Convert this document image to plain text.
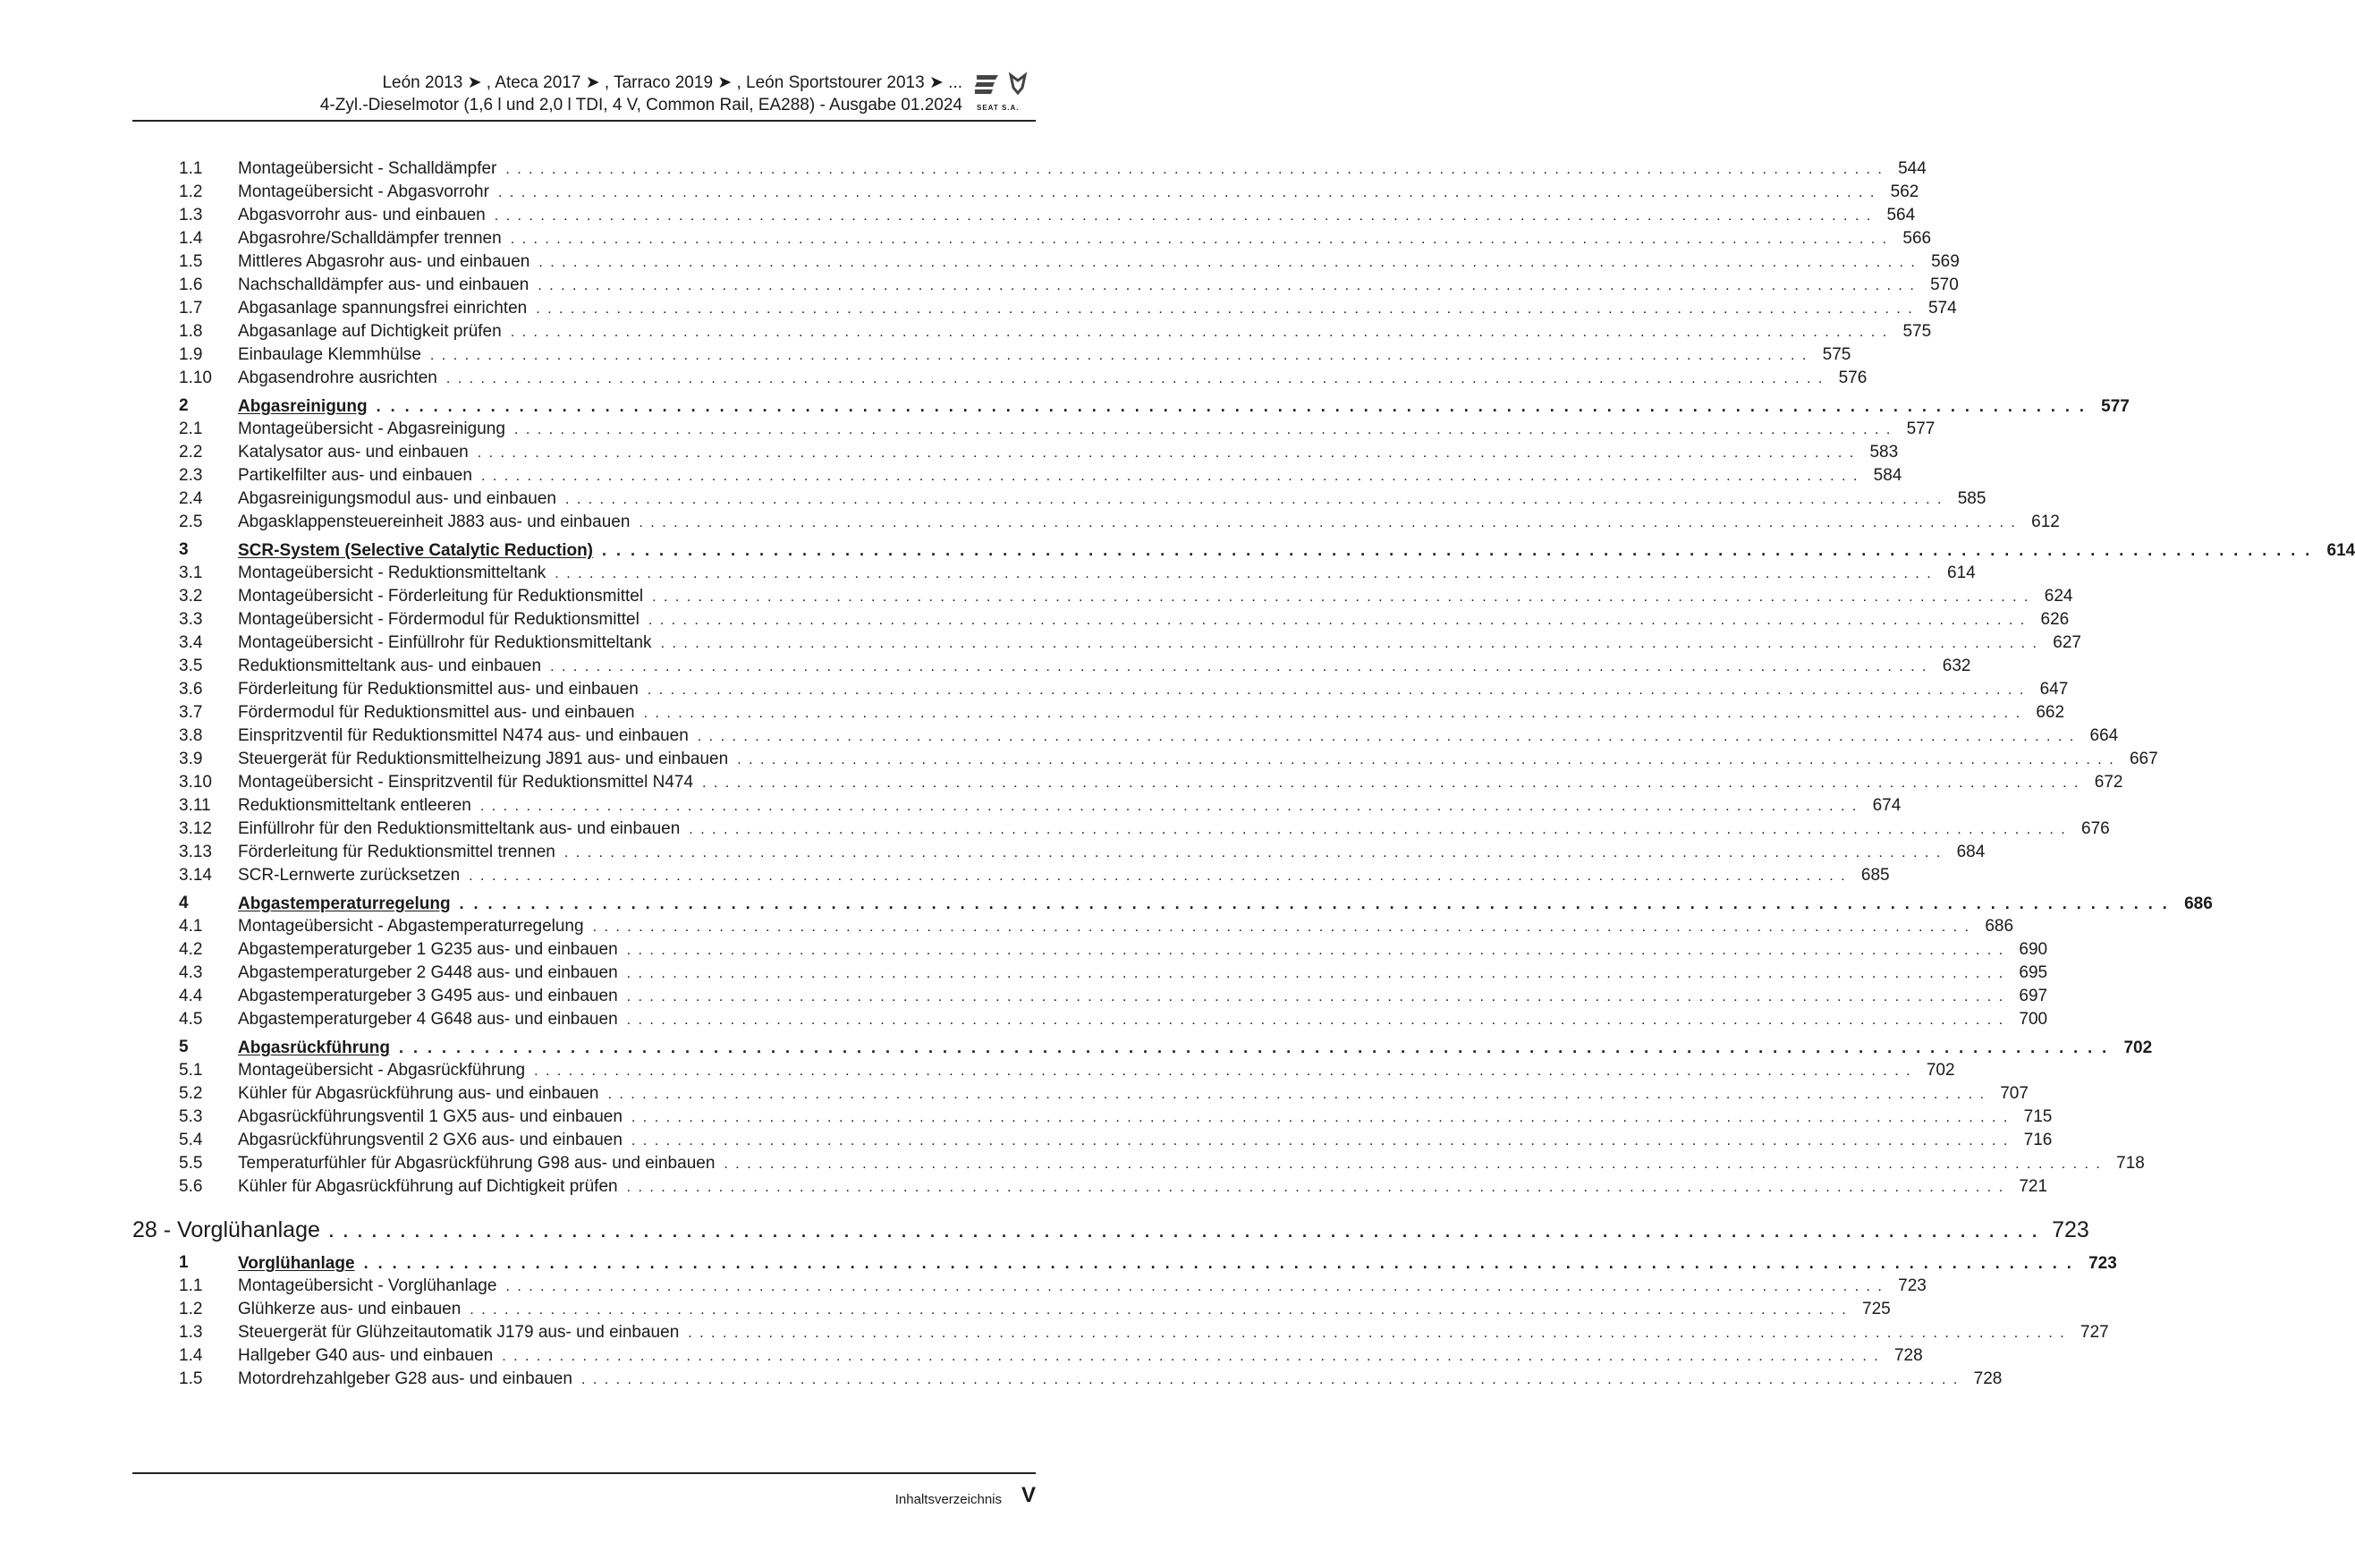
León 2013 ➤ , Ateca 2017 ➤ , Tarraco 2019 ➤ , León Sportstourer 2013 ➤ ...
4-Zyl.-Dieselmotor (1,6 l und 2,0 l TDI, 4 V, Common Rail, EA288) - Ausgabe 01.2024 SEAT S.A.
1.1 Montageübersicht - Schalldämpfer . . . . . . . . . . . . . . . . . . . . . . . . . . . . . . . . . . . . . . . . . . . . . . . . . . . . . . . . . . . . . . . . . . . . . . . . . . . . . . . . . . . . . . . . . . . . . . . . . . . . . . . . . . . . . . . . . . . . . . . . 544
1.2 Montageübersicht - Abgasvorrohr . . . . . . . . . . . . . . . . . . . . . . . . . . . . . . . . . . . . . . . . . . . . . . . . . . . . . . . . . . . . . . . . . . . . . . . . . . . . . . . . . . . . . . . . . . . . . . . . . . . . . . . . . . . . . . . . . . . . . . . . 562
1.3 Abgasvorrohr aus- und einbauen . . . . . . . . . . . . . . . . . . . . . . . . . . . . . . . . . . . . . . . . . . . . . . . . . . . . . . . . . . . . . . . . . . . . . . . . . . . . . . . . . . . . . . . . . . . . . . . . . . . . . . . . . . . . . . . . . . . . . . . . 564
1.4 Abgasrohre/Schalldämpfer trennen . . . . . . . . . . . . . . . . . . . . . . . . . . . . . . . . . . . . . . . . . . . . . . . . . . . . . . . . . . . . . . . . . . . . . . . . . . . . . . . . . . . . . . . . . . . . . . . . . . . . . . . . . . . . . . . . . . . . . . . . 566
1.5 Mittleres Abgasrohr aus- und einbauen . . . . . . . . . . . . . . . . . . . . . . . . . . . . . . . . . . . . . . . . . . . . . . . . . . . . . . . . . . . . . . . . . . . . . . . . . . . . . . . . . . . . . . . . . . . . . . . . . . . . . . . . . . . . . . . . . . . . . . . . 569
1.6 Nachschalldämpfer aus- und einbauen . . . . . . . . . . . . . . . . . . . . . . . . . . . . . . . . . . . . . . . . . . . . . . . . . . . . . . . . . . . . . . . . . . . . . . . . . . . . . . . . . . . . . . . . . . . . . . . . . . . . . . . . . . . . . . . . . . . . . . . . 570
1.7 Abgasanlage spannungsfrei einrichten . . . . . . . . . . . . . . . . . . . . . . . . . . . . . . . . . . . . . . . . . . . . . . . . . . . . . . . . . . . . . . . . . . . . . . . . . . . . . . . . . . . . . . . . . . . . . . . . . . . . . . . . . . . . . . . . . . . . . . . . 574
1.8 Abgasanlage auf Dichtigkeit prüfen . . . . . . . . . . . . . . . . . . . . . . . . . . . . . . . . . . . . . . . . . . . . . . . . . . . . . . . . . . . . . . . . . . . . . . . . . . . . . . . . . . . . . . . . . . . . . . . . . . . . . . . . . . . . . . . . . . . . . . . . 575
1.9 Einbaulage Klemmhülse . . . . . . . . . . . . . . . . . . . . . . . . . . . . . . . . . . . . . . . . . . . . . . . . . . . . . . . . . . . . . . . . . . . . . . . . . . . . . . . . . . . . . . . . . . . . . . . . . . . . . . . . . . . . . . . . . . . . . . . . 575
1.10 Abgasendrohre ausrichten . . . . . . . . . . . . . . . . . . . . . . . . . . . . . . . . . . . . . . . . . . . . . . . . . . . . . . . . . . . . . . . . . . . . . . . . . . . . . . . . . . . . . . . . . . . . . . . . . . . . . . . . . . . . . . . . . . . . . . . . 576
2	Abgasreinigung . . . . . . . . . . . . . . . . . . . . . . . . . . . . . . . . . . . . . . . . . . . . . . . . . . . . . . . . . . . . . . . . . . . . . . . . . . . . . . . . . . . . . . . . . . . . . . . . . . . . . . . . . . . . . . . . . . . . . . . . 577
2.1 Montageübersicht - Abgasreinigung . . . . . . . . . . . . . . . . . . . . . . . . . . . . . . . . . . . . . . . . . . . . . . . . . . . . . . . . . . . . . . . . . . . . . . . . . . . . . . . . . . . . . . . . . . . . . . . . . . . . . . . . . . . . . . . . . . . . . . . . 577
2.2 Katalysator aus- und einbauen . . . . . . . . . . . . . . . . . . . . . . . . . . . . . . . . . . . . . . . . . . . . . . . . . . . . . . . . . . . . . . . . . . . . . . . . . . . . . . . . . . . . . . . . . . . . . . . . . . . . . . . . . . . . . . . . . . . . . . . . 583
2.3 Partikelfilter aus- und einbauen . . . . . . . . . . . . . . . . . . . . . . . . . . . . . . . . . . . . . . . . . . . . . . . . . . . . . . . . . . . . . . . . . . . . . . . . . . . . . . . . . . . . . . . . . . . . . . . . . . . . . . . . . . . . . . . . . . . . . . . . 584
2.4 Abgasreinigungsmodul aus- und einbauen . . . . . . . . . . . . . . . . . . . . . . . . . . . . . . . . . . . . . . . . . . . . . . . . . . . . . . . . . . . . . . . . . . . . . . . . . . . . . . . . . . . . . . . . . . . . . . . . . . . . . . . . . . . . . . . . . . . . . . . . 585
2.5 Abgasklappensteuereinheit J883 aus- und einbauen . . . . . . . . . . . . . . . . . . . . . . . . . . . . . . . . . . . . . . . . . . . . . . . . . . . . . . . . . . . . . . . . . . . . . . . . . . . . . . . . . . . . . . . . . . . . . . . . . . . . . . . . . . . . . . . . . . . . . . . . 612
3	SCR-System (Selective Catalytic Reduction) . . . . . . . . . . . . . . . . . . . . . . . . . . . . . . . . . . . . . . . . . . . . . . . . . . . . . . . . . . . . . . . . . . . . . . . . . . . . . . . . . . . . . . . . . . . . . . . . . . . . . . . . . . . . . . . . . . . . . . . . 614
3.1 Montageübersicht - Reduktionsmitteltank . . . . . . . . . . . . . . . . . . . . . . . . . . . . . . . . . . . . . . . . . . . . . . . . . . . . . . . . . . . . . . . . . . . . . . . . . . . . . . . . . . . . . . . . . . . . . . . . . . . . . . . . . . . . . . . . . . . . . . . . 614
3.2 Montageübersicht - Förderleitung für Reduktionsmittel . . . . . . . . . . . . . . . . . . . . . . . . . . . . . . . . . . . . . . . . . . . . . . . . . . . . . . . . . . . . . . . . . . . . . . . . . . . . . . . . . . . . . . . . . . . . . . . . . . . . . . . . . . . . . . . . . . . . . . . . 624
3.3 Montageübersicht - Fördermodul für Reduktionsmittel . . . . . . . . . . . . . . . . . . . . . . . . . . . . . . . . . . . . . . . . . . . . . . . . . . . . . . . . . . . . . . . . . . . . . . . . . . . . . . . . . . . . . . . . . . . . . . . . . . . . . . . . . . . . . . . . . . . . . . . . 626
3.4 Montageübersicht - Einfüllrohr für Reduktionsmitteltank . . . . . . . . . . . . . . . . . . . . . . . . . . . . . . . . . . . . . . . . . . . . . . . . . . . . . . . . . . . . . . . . . . . . . . . . . . . . . . . . . . . . . . . . . . . . . . . . . . . . . . . . . . . . . . . . . . . . . . . . 627
3.5 Reduktionsmitteltank aus- und einbauen . . . . . . . . . . . . . . . . . . . . . . . . . . . . . . . . . . . . . . . . . . . . . . . . . . . . . . . . . . . . . . . . . . . . . . . . . . . . . . . . . . . . . . . . . . . . . . . . . . . . . . . . . . . . . . . . . . . . . . . . 632
3.6 Förderleitung für Reduktionsmittel aus- und einbauen . . . . . . . . . . . . . . . . . . . . . . . . . . . . . . . . . . . . . . . . . . . . . . . . . . . . . . . . . . . . . . . . . . . . . . . . . . . . . . . . . . . . . . . . . . . . . . . . . . . . . . . . . . . . . . . . . . . . . . . . 647
3.7 Fördermodul für Reduktionsmittel aus- und einbauen . . . . . . . . . . . . . . . . . . . . . . . . . . . . . . . . . . . . . . . . . . . . . . . . . . . . . . . . . . . . . . . . . . . . . . . . . . . . . . . . . . . . . . . . . . . . . . . . . . . . . . . . . . . . . . . . . . . . . . . . 662
3.8 Einspritzventil für Reduktionsmittel N474 aus- und einbauen . . . . . . . . . . . . . . . . . . . . . . . . . . . . . . . . . . . . . . . . . . . . . . . . . . . . . . . . . . . . . . . . . . . . . . . . . . . . . . . . . . . . . . . . . . . . . . . . . . . . . . . . . . . . . . . . . . . . . . . . 664
3.9 Steuergerät für Reduktionsmittelheizung J891 aus- und einbauen . . . . . . . . . . . . . . . . . . . . . . . . . . . . . . . . . . . . . . . . . . . . . . . . . . . . . . . . . . . . . . . . . . . . . . . . . . . . . . . . . . . . . . . . . . . . . . . . . . . . . . . . . . . . . . . . . . . . . . . . 667
3.10 Montageübersicht - Einspritzventil für Reduktionsmittel N474 . . . . . . . . . . . . . . . . . . . . . . . . . . . . . . . . . . . . . . . . . . . . . . . . . . . . . . . . . . . . . . . . . . . . . . . . . . . . . . . . . . . . . . . . . . . . . . . . . . . . . . . . . . . . . . . . . . . . . . . . 672
3.11 Reduktionsmitteltank entleeren . . . . . . . . . . . . . . . . . . . . . . . . . . . . . . . . . . . . . . . . . . . . . . . . . . . . . . . . . . . . . . . . . . . . . . . . . . . . . . . . . . . . . . . . . . . . . . . . . . . . . . . . . . . . . . . . . . . . . . . . 674
3.12 Einfüllrohr für den Reduktionsmitteltank aus- und einbauen . . . . . . . . . . . . . . . . . . . . . . . . . . . . . . . . . . . . . . . . . . . . . . . . . . . . . . . . . . . . . . . . . . . . . . . . . . . . . . . . . . . . . . . . . . . . . . . . . . . . . . . . . . . . . . . . . . . . . . . . 676
3.13 Förderleitung für Reduktionsmittel trennen . . . . . . . . . . . . . . . . . . . . . . . . . . . . . . . . . . . . . . . . . . . . . . . . . . . . . . . . . . . . . . . . . . . . . . . . . . . . . . . . . . . . . . . . . . . . . . . . . . . . . . . . . . . . . . . . . . . . . . . . 684
3.14 SCR-Lernwerte zurücksetzen . . . . . . . . . . . . . . . . . . . . . . . . . . . . . . . . . . . . . . . . . . . . . . . . . . . . . . . . . . . . . . . . . . . . . . . . . . . . . . . . . . . . . . . . . . . . . . . . . . . . . . . . . . . . . . . . . . . . . . . . 685
4	Abgastemperaturregelung . . . . . . . . . . . . . . . . . . . . . . . . . . . . . . . . . . . . . . . . . . . . . . . . . . . . . . . . . . . . . . . . . . . . . . . . . . . . . . . . . . . . . . . . . . . . . . . . . . . . . . . . . . . . . . . . . . . . . . . . 686
4.1 Montageübersicht - Abgastemperaturregelung . . . . . . . . . . . . . . . . . . . . . . . . . . . . . . . . . . . . . . . . . . . . . . . . . . . . . . . . . . . . . . . . . . . . . . . . . . . . . . . . . . . . . . . . . . . . . . . . . . . . . . . . . . . . . . . . . . . . . . . . 686
4.2 Abgastemperaturgeber 1 G235 aus- und einbauen . . . . . . . . . . . . . . . . . . . . . . . . . . . . . . . . . . . . . . . . . . . . . . . . . . . . . . . . . . . . . . . . . . . . . . . . . . . . . . . . . . . . . . . . . . . . . . . . . . . . . . . . . . . . . . . . . . . . . . . . 690
4.3 Abgastemperaturgeber 2 G448 aus- und einbauen . . . . . . . . . . . . . . . . . . . . . . . . . . . . . . . . . . . . . . . . . . . . . . . . . . . . . . . . . . . . . . . . . . . . . . . . . . . . . . . . . . . . . . . . . . . . . . . . . . . . . . . . . . . . . . . . . . . . . . . . 695
4.4 Abgastemperaturgeber 3 G495 aus- und einbauen . . . . . . . . . . . . . . . . . . . . . . . . . . . . . . . . . . . . . . . . . . . . . . . . . . . . . . . . . . . . . . . . . . . . . . . . . . . . . . . . . . . . . . . . . . . . . . . . . . . . . . . . . . . . . . . . . . . . . . . . 697
4.5 Abgastemperaturgeber 4 G648 aus- und einbauen . . . . . . . . . . . . . . . . . . . . . . . . . . . . . . . . . . . . . . . . . . . . . . . . . . . . . . . . . . . . . . . . . . . . . . . . . . . . . . . . . . . . . . . . . . . . . . . . . . . . . . . . . . . . . . . . . . . . . . . . 700
5	Abgasrückführung . . . . . . . . . . . . . . . . . . . . . . . . . . . . . . . . . . . . . . . . . . . . . . . . . . . . . . . . . . . . . . . . . . . . . . . . . . . . . . . . . . . . . . . . . . . . . . . . . . . . . . . . . . . . . . . . . . . . . . . . 702
5.1 Montageübersicht - Abgasrückführung . . . . . . . . . . . . . . . . . . . . . . . . . . . . . . . . . . . . . . . . . . . . . . . . . . . . . . . . . . . . . . . . . . . . . . . . . . . . . . . . . . . . . . . . . . . . . . . . . . . . . . . . . . . . . . . . . . . . . . . . 702
5.2 Kühler für Abgasrückführung aus- und einbauen . . . . . . . . . . . . . . . . . . . . . . . . . . . . . . . . . . . . . . . . . . . . . . . . . . . . . . . . . . . . . . . . . . . . . . . . . . . . . . . . . . . . . . . . . . . . . . . . . . . . . . . . . . . . . . . . . . . . . . . . 707
5.3 Abgasrückführungsventil 1 GX5 aus- und einbauen . . . . . . . . . . . . . . . . . . . . . . . . . . . . . . . . . . . . . . . . . . . . . . . . . . . . . . . . . . . . . . . . . . . . . . . . . . . . . . . . . . . . . . . . . . . . . . . . . . . . . . . . . . . . . . . . . . . . . . . . 715
5.4 Abgasrückführungsventil 2 GX6 aus- und einbauen . . . . . . . . . . . . . . . . . . . . . . . . . . . . . . . . . . . . . . . . . . . . . . . . . . . . . . . . . . . . . . . . . . . . . . . . . . . . . . . . . . . . . . . . . . . . . . . . . . . . . . . . . . . . . . . . . . . . . . . . 716
5.5 Temperaturfühler für Abgasrückführung G98 aus- und einbauen . . . . . . . . . . . . . . . . . . . . . . . . . . . . . . . . . . . . . . . . . . . . . . . . . . . . . . . . . . . . . . . . . . . . . . . . . . . . . . . . . . . . . . . . . . . . . . . . . . . . . . . . . . . . . . . . . . . . . . . . 718
5.6 Kühler für Abgasrückführung auf Dichtigkeit prüfen . . . . . . . . . . . . . . . . . . . . . . . . . . . . . . . . . . . . . . . . . . . . . . . . . . . . . . . . . . . . . . . . . . . . . . . . . . . . . . . . . . . . . . . . . . . . . . . . . . . . . . . . . . . . . . . . . . . . . . . . 721
28 - Vorglühanlage . . . . . . . . . . . . . . . . . . . . . . . . . . . . . . . . . . . . . . . . . . . . . . . . . . . . . . . . . . . . . . . . . . . . . . . . . . . . . . . . . . . . . . . . . . . . . . . . . . . . . . . . . . . . . . . . . . . . . . . . 723
1	Vorglühanlage . . . . . . . . . . . . . . . . . . . . . . . . . . . . . . . . . . . . . . . . . . . . . . . . . . . . . . . . . . . . . . . . . . . . . . . . . . . . . . . . . . . . . . . . . . . . . . . . . . . . . . . . . . . . . . . . . . . . . . . . 723
1.1 Montageübersicht - Vorglühanlage . . . . . . . . . . . . . . . . . . . . . . . . . . . . . . . . . . . . . . . . . . . . . . . . . . . . . . . . . . . . . . . . . . . . . . . . . . . . . . . . . . . . . . . . . . . . . . . . . . . . . . . . . . . . . . . . . . . . . . . . 723
1.2 Glühkerze aus- und einbauen . . . . . . . . . . . . . . . . . . . . . . . . . . . . . . . . . . . . . . . . . . . . . . . . . . . . . . . . . . . . . . . . . . . . . . . . . . . . . . . . . . . . . . . . . . . . . . . . . . . . . . . . . . . . . . . . . . . . . . . . 725
1.3 Steuergerät für Glühzeitautomatik J179 aus- und einbauen . . . . . . . . . . . . . . . . . . . . . . . . . . . . . . . . . . . . . . . . . . . . . . . . . . . . . . . . . . . . . . . . . . . . . . . . . . . . . . . . . . . . . . . . . . . . . . . . . . . . . . . . . . . . . . . . . . . . . . . . 727
1.4 Hallgeber G40 aus- und einbauen . . . . . . . . . . . . . . . . . . . . . . . . . . . . . . . . . . . . . . . . . . . . . . . . . . . . . . . . . . . . . . . . . . . . . . . . . . . . . . . . . . . . . . . . . . . . . . . . . . . . . . . . . . . . . . . . . . . . . . . . 728
1.5 Motordrehzahlgeber G28 aus- und einbauen . . . . . . . . . . . . . . . . . . . . . . . . . . . . . . . . . . . . . . . . . . . . . . . . . . . . . . . . . . . . . . . . . . . . . . . . . . . . . . . . . . . . . . . . . . . . . . . . . . . . . . . . . . . . . . . . . . . . . . . . 728
Inhaltsverzeichnis V
